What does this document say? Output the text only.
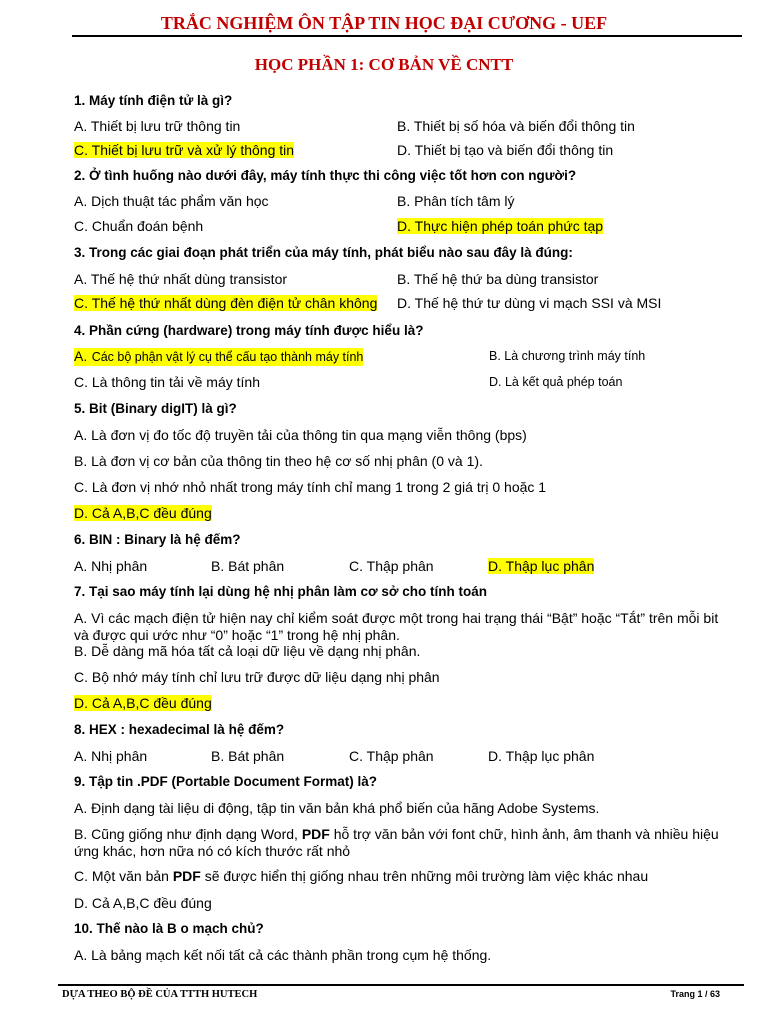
TRẮC NGHIỆM ÔN TẬP TIN HỌC ĐẠI CƯƠNG - UEF
HỌC PHẦN 1: CƠ BẢN VỀ CNTT
1. Máy tính điện tử là gì?
A. Thiết bị lưu trữ thông tin	B. Thiết bị số hóa và biến đổi thông tin
C. Thiết bị lưu trữ và xử lý thông tin	D. Thiết bị tạo và biến đổi thông tin
2. Ở tình huống nào dưới đây, máy tính thực thi công việc tốt hơn con người?
A. Dịch thuật tác phẩm văn học	B. Phân tích tâm lý
C. Chuẩn đoán bệnh	D. Thực hiện phép toán phức tạp
3. Trong các giai đoạn phát triển của máy tính, phát biểu nào sau đây là đúng:
A. Thế hệ thứ nhất dùng transistor	B. Thế hệ thứ ba dùng transistor
C. Thế hệ thứ nhất dùng đèn điện tử chân không D. Thế hệ thứ tư dùng vi mạch SSI và MSI
4. Phần cứng (hardware) trong máy tính được hiểu là?
A. Các bộ phận vật lý cụ thể cấu tạo thành máy tính	B. Là chương trình máy tính
C. Là thông tin tải về máy tính	D. Là kết quả phép toán
5. Bit (Binary digIT) là gì?
A. Là đơn vị đo tốc độ truyền tải của thông tin qua mạng viễn thông (bps)
B. Là đơn vị cơ bản của thông tin theo hệ cơ số nhị phân (0 và 1).
C. Là đơn vị nhớ nhỏ nhất trong máy tính chỉ mang 1 trong 2 giá trị 0 hoặc 1
D. Cả A,B,C đều đúng
6. BIN : Binary là hệ đếm?
A. Nhị phân	B. Bát phân	C. Thập phân	D. Thập lục phân
7. Tại sao máy tính lại dùng hệ nhị phân làm cơ sở cho tính toán
A. Vì các mạch điện tử hiện nay chỉ kiểm soát được một trong hai trạng thái “Bật” hoặc “Tắt” trên mỗi bit và được qui ước như “0” hoặc “1” trong hệ nhị phân.
B. Dễ dàng mã hóa tất cả loại dữ liệu về dạng nhị phân.
C. Bộ nhớ máy tính chỉ lưu trữ được dữ liệu dạng nhị phân
D. Cả A,B,C đều đúng
8. HEX : hexadecimal là hệ đếm?
A. Nhị phân	B. Bát phân	C. Thập phân	D. Thập lục phân
9. Tập tin .PDF (Portable Document Format) là?
A. Định dạng tài liệu di động, tập tin văn bản khá phổ biến của hãng Adobe Systems.
B. Cũng giống như định dạng Word, PDF hỗ trợ văn bản với font chữ, hình ảnh, âm thanh và nhiều hiệu ứng khác, hơn nữa nó có kích thước rất nhỏ
C. Một văn bản PDF sẽ được hiển thị giống nhau trên những môi trường làm việc khác nhau
D. Cả A,B,C đều đúng
10. Thế nào là B o mạch chủ?
A. Là bảng mạch kết nối tất cả các thành phần trong cụm hệ thống.
DỰA THEO BỘ ĐỀ CỦA TTTH HUTECH	Trang 1 / 63
